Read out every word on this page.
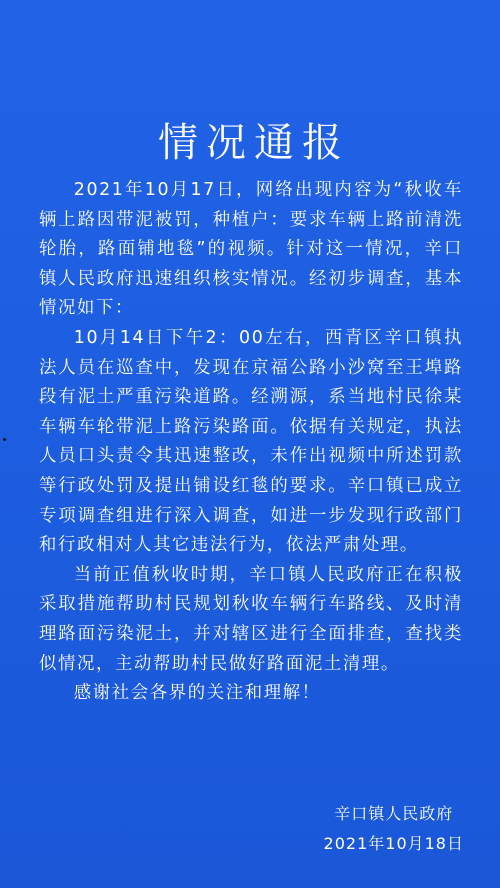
情况通报

2021年10月17日，网络出现内容为“秋收车辆上路因带泥被罚，种植户：要求车辆上路前清洗轮胎，路面铺地毯”的视频。针对这一情况，辛口镇人民政府迅速组织核实情况。经初步调查，基本情况如下：

10月14日下午2：00左右，西青区辛口镇执法人员在巡查中，发现在京福公路小沙窝至王埠路段有泥土严重污染道路。经溯源，系当地村民徐某车辆车轮带泥上路污染路面。依据有关规定，执法人员口头责令其迅速整改，未作出视频中所述罚款等行政处罚及提出铺设红毯的要求。辛口镇已成立专项调查组进行深入调查，如进一步发现行政部门和行政相对人其它违法行为，依法严肃处理。

当前正值秋收时期，辛口镇人民政府正在积极采取措施帮助村民规划秋收车辆行车路线、及时清理路面污染泥土，并对辖区进行全面排查，查找类似情况，主动帮助村民做好路面泥土清理。

感谢社会各界的关注和理解！

辛口镇人民政府
2021年10月18日
